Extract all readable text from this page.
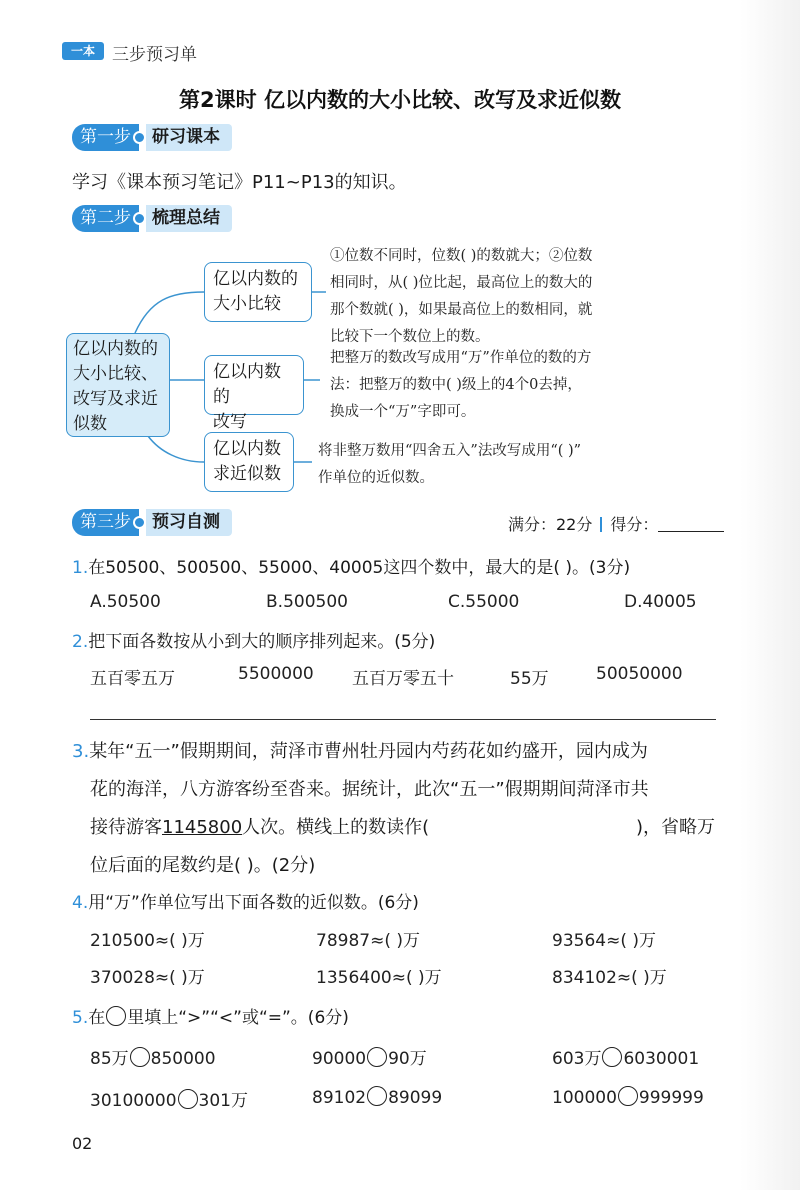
一本	三步预习单
第2课时 亿以内数的大小比较、改写及求近似数
第一步	研习课本
学习《课本预习笔记》P11~P13的知识。
第二步	梳理总结
亿以内数的
大小比较、
改写及求近
似数
亿以内数的
大小比较
①位数不同时，位数( )的数就大；②位数
相同时，从( )位比起，最高位上的数大的
那个数就( )，如果最高位上的数相同，就
比较下一个数位上的数。
亿以内数的
改写
把整万的数改写成用“万”作单位的数的方
法：把整万的数中( )级上的4个0去掉，
换成一个“万”字即可。
亿以内数
求近似数
将非整万数用“四舍五入”法改写成用“( )”
作单位的近似数。
第三步	预习自测	满分：22分 得分：
1.在50500、500500、55000、40005这四个数中，最大的是( )。(3分)
A.50500	B.500500	C.55000	D.40005
2.把下面各数按从小到大的顺序排列起来。(5分)
五百零五万	5500000 五百万零五十	55万	50050000
3.某年“五一”假期期间，菏泽市曹州牡丹园内芍药花如约盛开，园内成为
花的海洋，八方游客纷至沓来。据统计，此次“五一”假期期间菏泽市共
接待游客1145800人次。横线上的数读作(	)，省略万
位后面的尾数约是( )。(2分)
4.用“万”作单位写出下面各数的近似数。(6分)
210500≈( )万	78987≈( )万	93564≈( )万
370028≈( )万	1356400≈( )万	834102≈( )万
5.在 里填上“>”“<”或“=”。(6分)
85万 850000	90000 90万	603万 6030001
30100000 301万	89102 89099	100000 999999
02
